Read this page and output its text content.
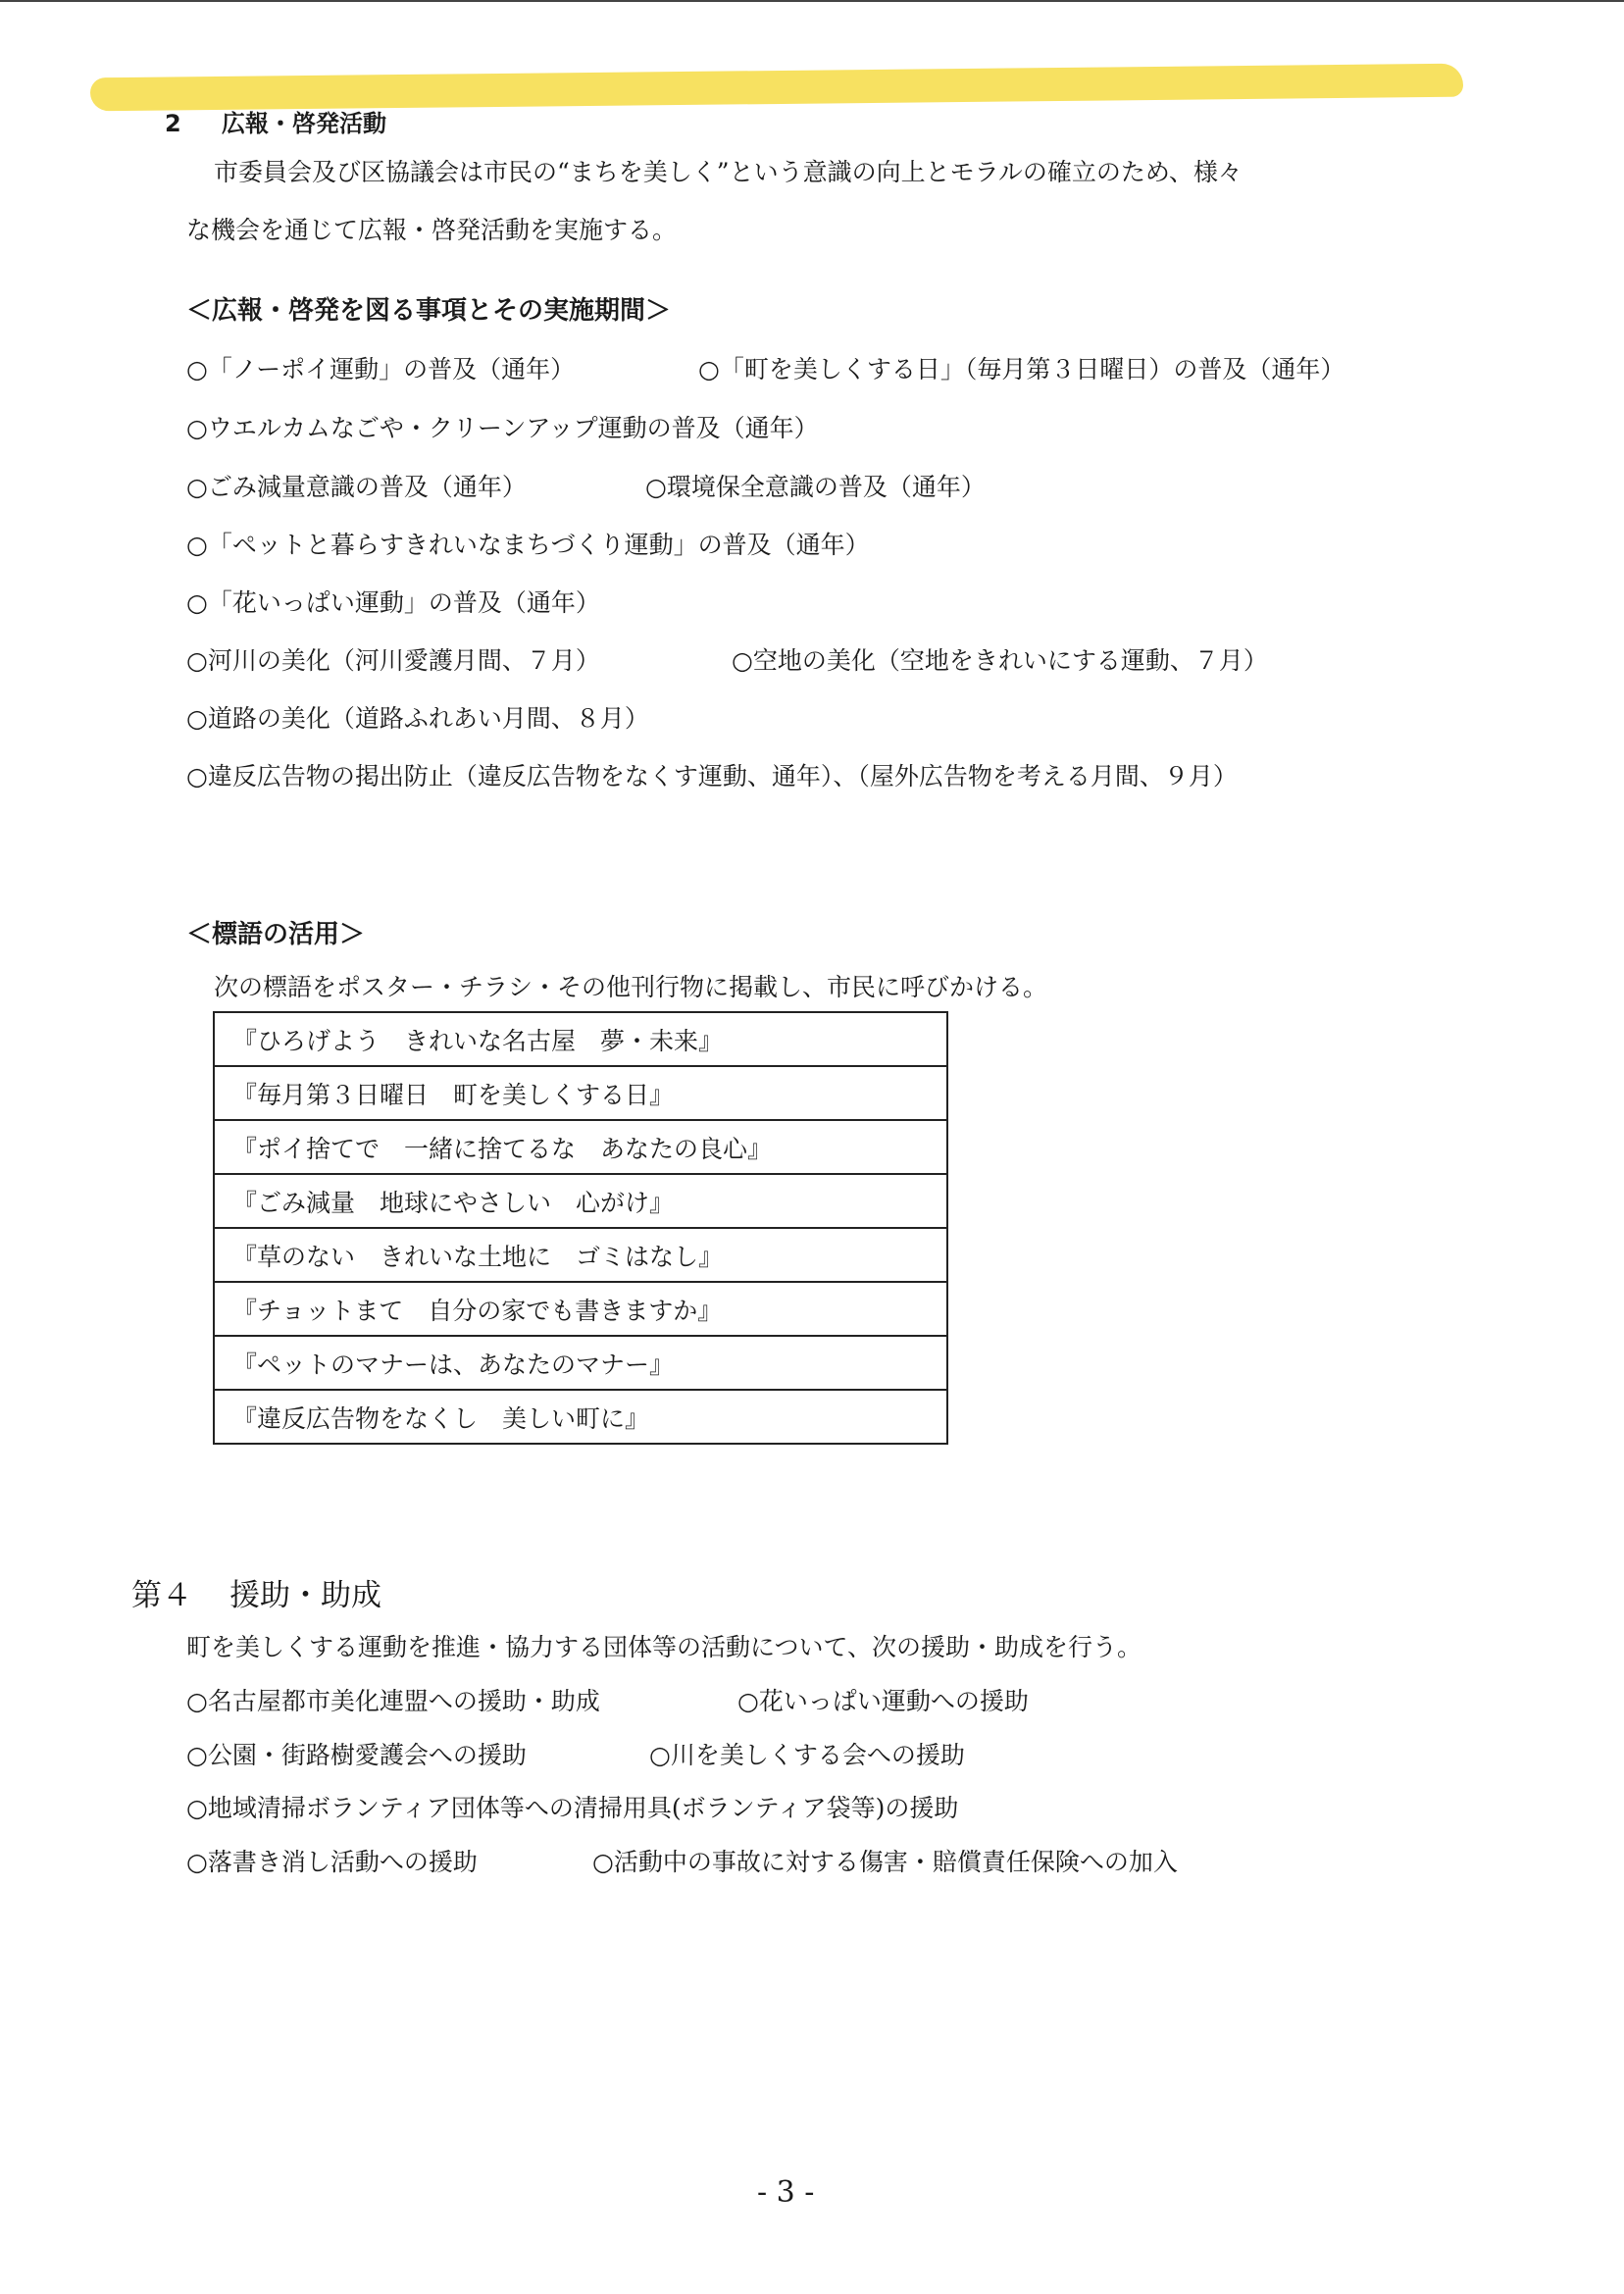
2 広報・啓発活動
市委員会及び区協議会は市民の“まちを美しく”という意識の向上とモラルの確立のため、様々
な機会を通じて広報・啓発活動を実施する。
＜広報・啓発を図る事項とその実施期間＞
○「ノーポイ運動」の普及（通年）	○「町を美しくする日」（毎月第３日曜日）の普及（通年）
○ウエルカムなごや・クリーンアップ運動の普及（通年）
○ごみ減量意識の普及（通年）	○環境保全意識の普及（通年）
○「ペットと暮らすきれいなまちづくり運動」の普及（通年）
○「花いっぱい運動」の普及（通年）
○河川の美化（河川愛護月間、７月）	○空地の美化（空地をきれいにする運動、７月）
○道路の美化（道路ふれあい月間、８月）
○違反広告物の掲出防止（違反広告物をなくす運動、通年）、（屋外広告物を考える月間、９月）
＜標語の活用＞
次の標語をポスター・チラシ・その他刊行物に掲載し、市民に呼びかける。
『ひろげよう　きれいな名古屋　夢・未来』
『毎月第３日曜日　町を美しくする日』
『ポイ捨てで　一緒に捨てるな　あなたの良心』
『ごみ減量　地球にやさしい　心がけ』
『草のない　きれいな土地に　ゴミはなし』
『チョットまて　自分の家でも書きますか』
『ペットのマナーは、あなたのマナー』
『違反広告物をなくし　美しい町に』
第４ 援助・助成
町を美しくする運動を推進・協力する団体等の活動について、次の援助・助成を行う。
○名古屋都市美化連盟への援助・助成	○花いっぱい運動への援助
○公園・街路樹愛護会への援助	○川を美しくする会への援助
○地域清掃ボランティア団体等への清掃用具(ボランティア袋等)の援助
○落書き消し活動への援助	○活動中の事故に対する傷害・賠償責任保険への加入
- 3 -
